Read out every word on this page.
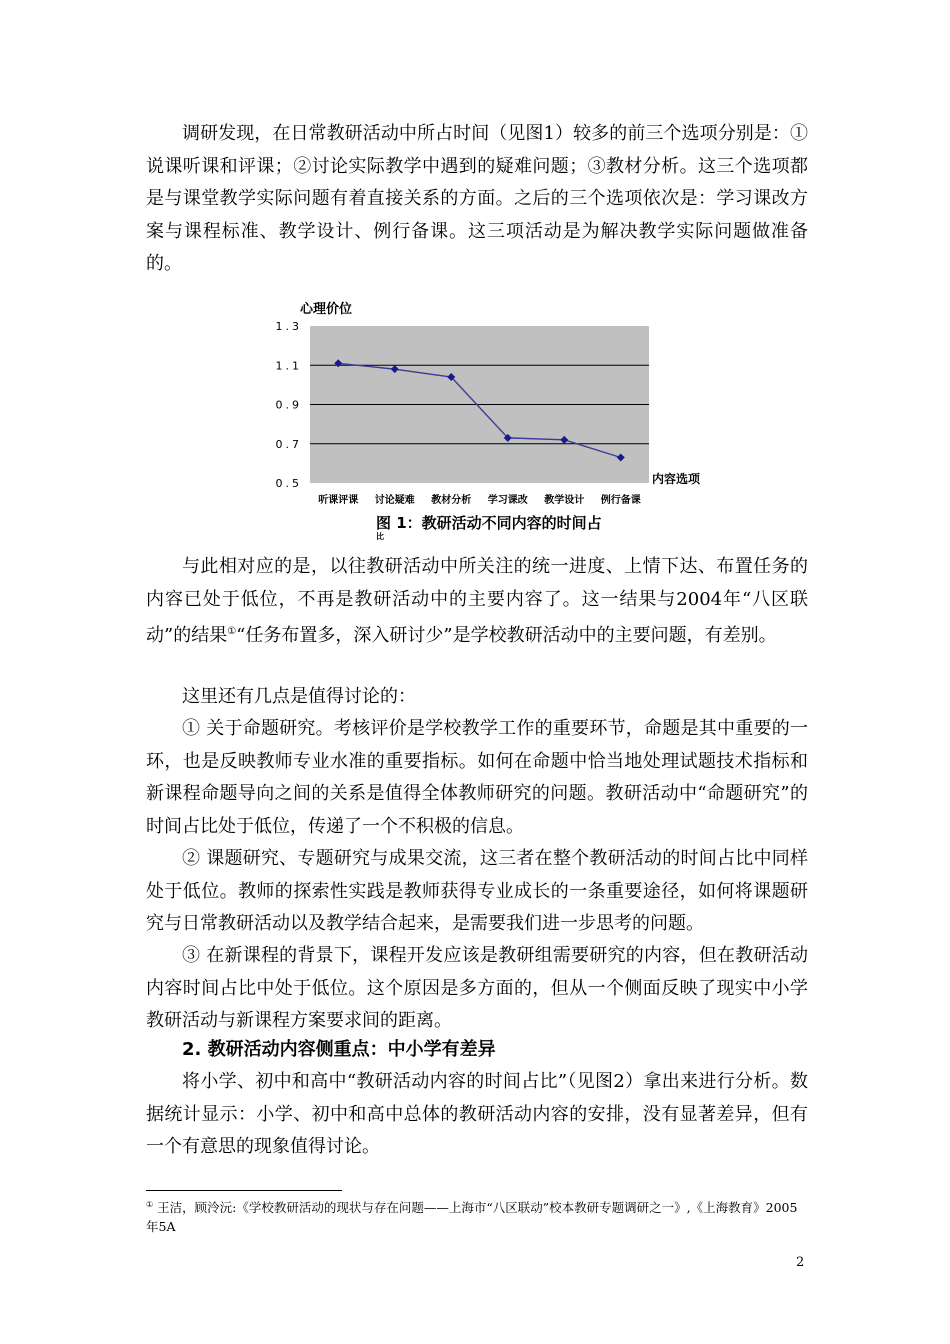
调研发现，在日常教研活动中所占时间（见图1）较多的前三个选项分别是：①说课听课和评课；②讨论实际教学中遇到的疑难问题；③教材分析。这三个选项都是与课堂教学实际问题有着直接关系的方面。之后的三个选项依次是：学习课改方案与课程标准、教学设计、例行备课。这三项活动是为解决教学实际问题做准备的。

心理价位
1.3
1.1
0.9
0.7
0.5
听课评课 讨论疑难 教材分析 学习课改 教学设计 例行备课
内容选项

图 1：教研活动不同内容的时间占

比

与此相对应的是，以往教研活动中所关注的统一进度、上情下达、布置任务的内容已处于低位，不再是教研活动中的主要内容了。这一结果与2004年“八区联动”的结果①“任务布置多，深入研讨少”是学校教研活动中的主要问题，有差别。

这里还有几点是值得讨论的：

① 关于命题研究。考核评价是学校教学工作的重要环节，命题是其中重要的一环，也是反映教师专业水准的重要指标。如何在命题中恰当地处理试题技术指标和新课程命题导向之间的关系是值得全体教师研究的问题。教研活动中“命题研究”的时间占比处于低位，传递了一个不积极的信息。

② 课题研究、专题研究与成果交流，这三者在整个教研活动的时间占比中同样处于低位。教师的探索性实践是教师获得专业成长的一条重要途径，如何将课题研究与日常教研活动以及教学结合起来，是需要我们进一步思考的问题。

③ 在新课程的背景下，课程开发应该是教研组需要研究的内容，但在教研活动内容时间占比中处于低位。这个原因是多方面的，但从一个侧面反映了现实中小学教研活动与新课程方案要求间的距离。

2. 教研活动内容侧重点：中小学有差异

将小学、初中和高中“教研活动内容的时间占比”（见图2）拿出来进行分析。数据统计显示：小学、初中和高中总体的教研活动内容的安排，没有显著差异，但有一个有意思的现象值得讨论。

① 王洁，顾泠沅:《学校教研活动的现状与存在问题——上海市“八区联动”校本教研专题调研之一》,《上海教育》2005年5A

2
